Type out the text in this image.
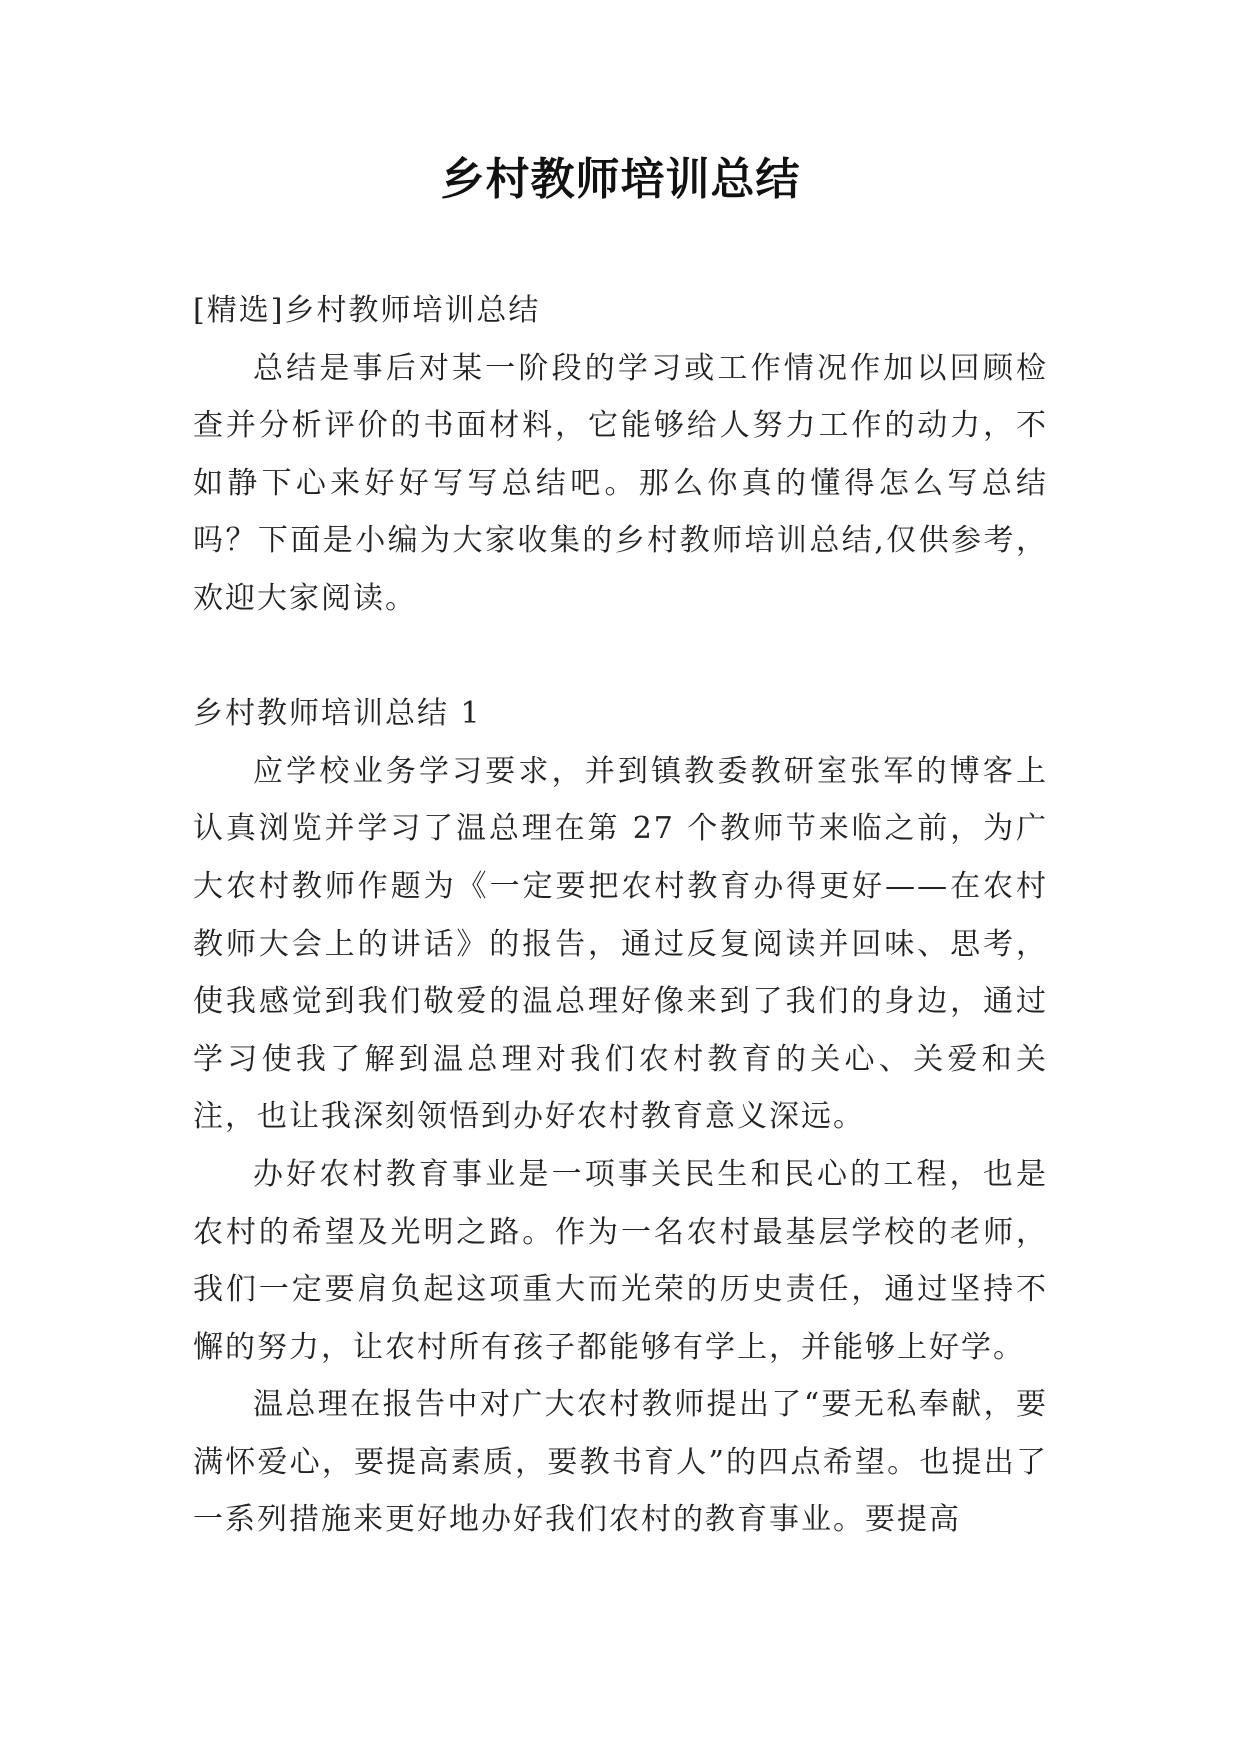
乡村教师培训总结

[精选]乡村教师培训总结

总结是事后对某一阶段的学习或工作情况作加以回顾检查并分析评价的书面材料，它能够给人努力工作的动力，不如静下心来好好写写总结吧。那么你真的懂得怎么写总结吗？下面是小编为大家收集的乡村教师培训总结,仅供参考，欢迎大家阅读。

乡村教师培训总结 1

应学校业务学习要求，并到镇教委教研室张军的博客上认真浏览并学习了温总理在第 27 个教师节来临之前，为广大农村教师作题为《一定要把农村教育办得更好——在农村教师大会上的讲话》的报告，通过反复阅读并回味、思考，使我感觉到我们敬爱的温总理好像来到了我们的身边，通过学习使我了解到温总理对我们农村教育的关心、关爱和关注，也让我深刻领悟到办好农村教育意义深远。

办好农村教育事业是一项事关民生和民心的工程，也是农村的希望及光明之路。作为一名农村最基层学校的老师，我们一定要肩负起这项重大而光荣的历史责任，通过坚持不懈的努力，让农村所有孩子都能够有学上，并能够上好学。

温总理在报告中对广大农村教师提出了“要无私奉献，要满怀爱心，要提高素质，要教书育人”的四点希望。也提出了一系列措施来更好地办好我们农村的教育事业。要提高
